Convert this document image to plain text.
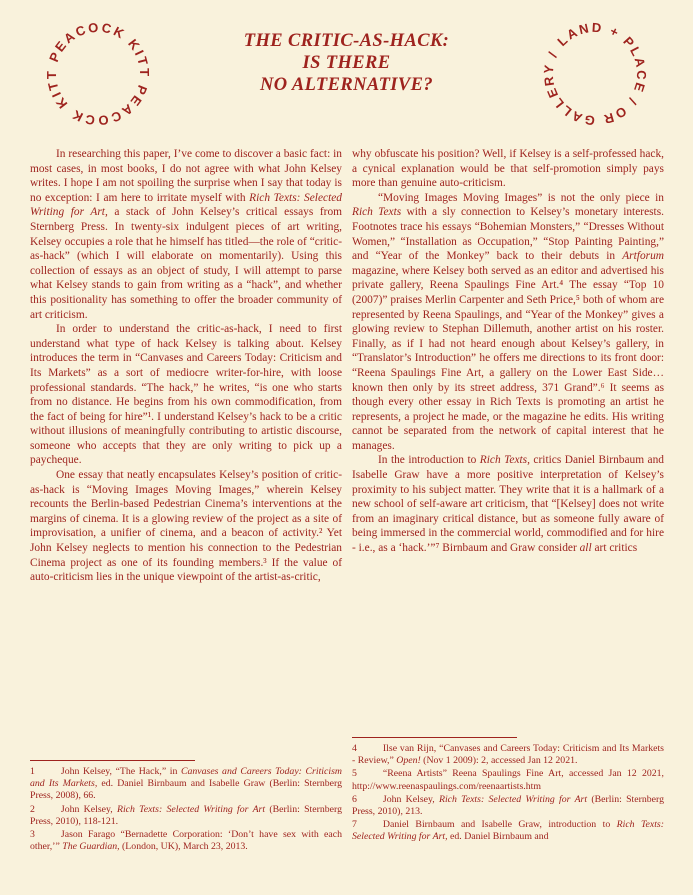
KITT PEACOCK KITT PEACOCK
LAND + PLACE / OR GALLERY /
THE CRITIC-AS-HACK:
IS THERE
NO ALTERNATIVE?

In researching this paper, I’ve come to discover a basic fact: in most cases, in most books, I do not agree with what John Kelsey writes. I hope I am not spoiling the surprise when I say that today is no exception: I am here to irritate myself with Rich Texts: Selected Writing for Art, a stack of John Kelsey’s critical essays from Sternberg Press. In twenty-six indulgent pieces of art writing, Kelsey occupies a role that he himself has titled—the role of “critic-as-hack” (which I will elaborate on momentarily). Using this collection of essays as an object of study, I will attempt to parse what Kelsey stands to gain from writing as a “hack”, and whether this positionality has something to offer the broader community of art criticism.

In order to understand the critic-as-hack, I need to first understand what type of hack Kelsey is talking about. Kelsey introduces the term in “Canvases and Careers Today: Criticism and Its Markets” as a sort of mediocre writer-for-hire, with loose professional standards. “The hack,” he writes, “is one who starts from no distance. He begins from his own commodification, from the fact of being for hire”¹. I understand Kelsey’s hack to be a critic without illusions of meaningfully contributing to artistic discourse, someone who accepts that they are only writing to pick up a paycheque.

One essay that neatly encapsulates Kelsey’s position of critic-as-hack is “Moving Images Moving Images,” wherein Kelsey recounts the Berlin-based Pedestrian Cinema’s interventions at the margins of cinema. It is a glowing review of the project as a site of improvisation, a unifier of cinema, and a beacon of activity.² Yet John Kelsey neglects to mention his connection to the Pedestrian Cinema project as one of its founding members.³ If the value of auto-criticism lies in the unique viewpoint of the artist-as-critic,

why obfuscate his position? Well, if Kelsey is a self-professed hack, a cynical explanation would be that self-promotion simply pays more than genuine auto-criticism.

“Moving Images Moving Images” is not the only piece in Rich Texts with a sly connection to Kelsey’s monetary interests. Footnotes trace his essays “Bohemian Monsters,” “Dresses Without Women,” “Installation as Occupation,” “Stop Painting Painting,” and “Year of the Monkey” back to their debuts in Artforum magazine, where Kelsey both served as an editor and advertised his private gallery, Reena Spaulings Fine Art.⁴ The essay “Top 10 (2007)” praises Merlin Carpenter and Seth Price,⁵ both of whom are represented by Reena Spaulings, and “Year of the Monkey” gives a glowing review to Stephan Dillemuth, another artist on his roster. Finally, as if I had not heard enough about Kelsey’s gallery, in “Translator’s Introduction” he offers me directions to its front door: “Reena Spaulings Fine Art, a gallery on the Lower East Side… known then only by its street address, 371 Grand”.⁶ It seems as though every other essay in Rich Texts is promoting an artist he represents, a project he made, or the magazine he edits. His writing cannot be separated from the network of capital interest that he manages.

In the introduction to Rich Texts, critics Daniel Birnbaum and Isabelle Graw have a more positive interpretation of Kelsey’s proximity to his subject matter. They write that it is a hallmark of a new school of self-aware art criticism, that “[Kelsey] does not write from an imaginary critical distance, but as someone fully aware of being immersed in the commercial world, commodified and for hire - i.e., as a ‘hack.’”⁷ Birnbaum and Graw consider all art critics

1	John Kelsey, “The Hack,” in Canvases and Careers Today: Criticism and Its Markets, ed. Daniel Birnbaum and Isabelle Graw (Berlin: Sternberg Press, 2008), 66.
2	John Kelsey, Rich Texts: Selected Writing for Art (Berlin: Sternberg Press, 2010), 118-121.
3	Jason Farago “Bernadette Corporation: ‘Don’t have sex with each other,’” The Guardian, (London, UK), March 23, 2013.
4	Ilse van Rijn, “Canvases and Careers Today: Criticism and Its Markets - Review,” Open! (Nov 1 2009): 2, accessed Jan 12 2021.
5	“Reena Artists” Reena Spaulings Fine Art, accessed Jan 12 2021, http://www.reenaspaulings.com/reenaartists.htm
6	John Kelsey, Rich Texts: Selected Writing for Art (Berlin: Sternberg Press, 2010), 213.
7	Daniel Birnbaum and Isabelle Graw, introduction to Rich Texts: Selected Writing for Art, ed. Daniel Birnbaum and
